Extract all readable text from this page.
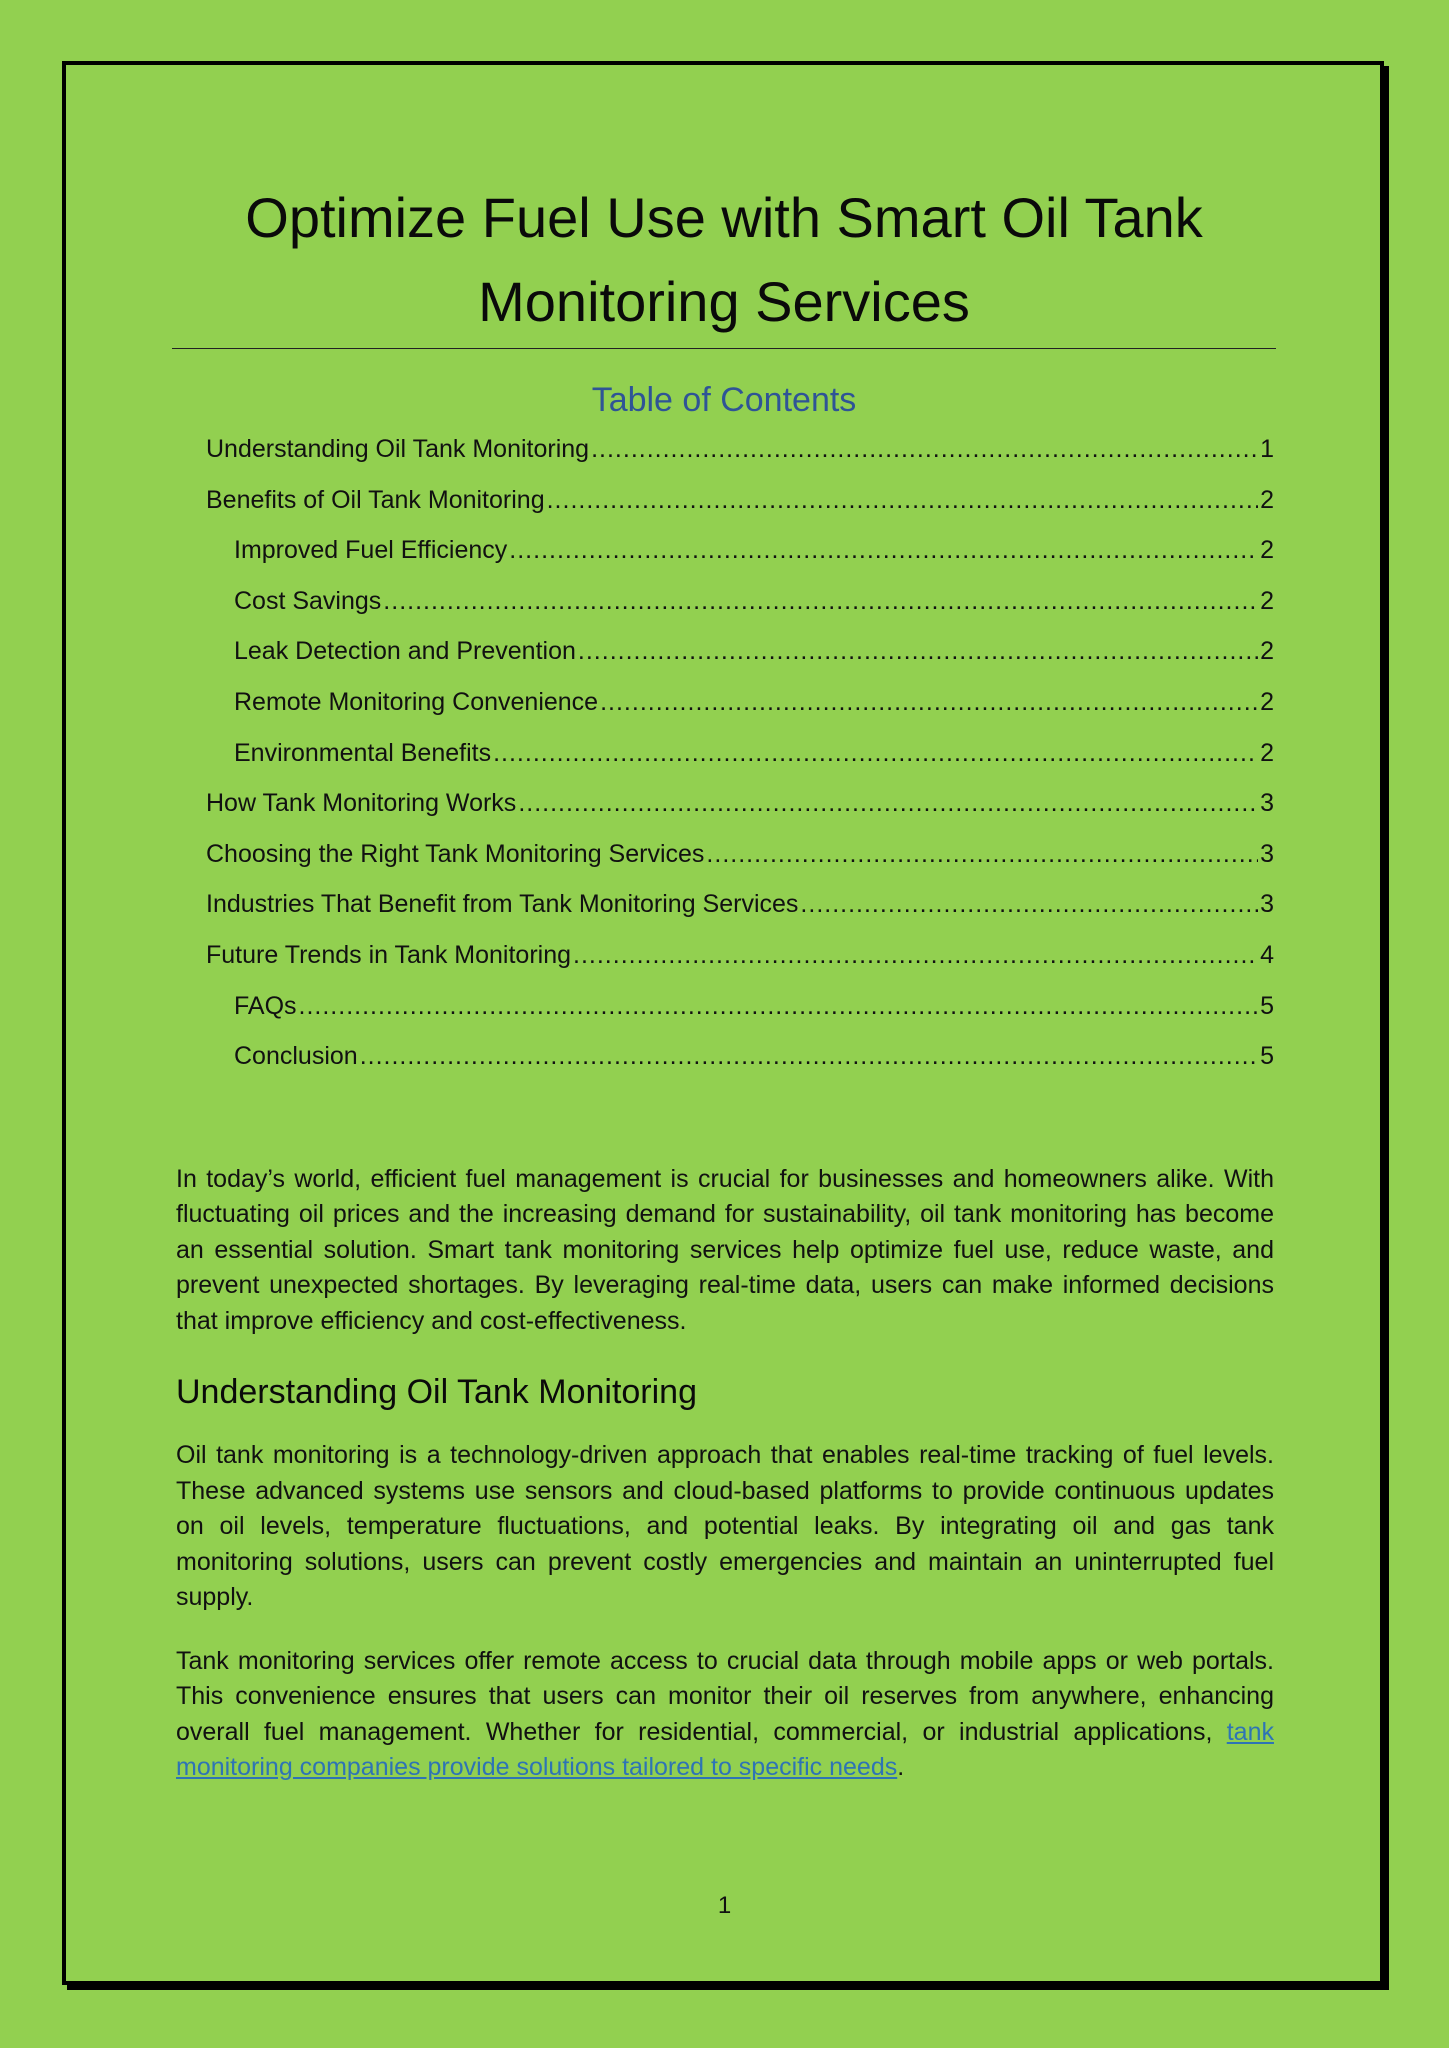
Optimize Fuel Use with Smart Oil Tank
Monitoring Services
Table of Contents
Understanding Oil Tank Monitoring .....	1
Benefits of Oil Tank Monitoring .....	2
Improved Fuel Efficiency .....	2
Cost Savings .....	2
Leak Detection and Prevention .....	2
Remote Monitoring Convenience .....	2
Environmental Benefits .....	2
How Tank Monitoring Works .....	3
Choosing the Right Tank Monitoring Services .....	3
Industries That Benefit from Tank Monitoring Services .....	3
Future Trends in Tank Monitoring .....	4
FAQs .....	5
Conclusion .....	5

In today’s world, efficient fuel management is crucial for businesses and homeowners alike. With fluctuating oil prices and the increasing demand for sustainability, oil tank monitoring has become an essential solution. Smart tank monitoring services help optimize fuel use, reduce waste, and prevent unexpected shortages. By leveraging real-time data, users can make informed decisions that improve efficiency and cost-effectiveness.

Understanding Oil Tank Monitoring

Oil tank monitoring is a technology-driven approach that enables real-time tracking of fuel levels. These advanced systems use sensors and cloud-based platforms to provide continuous updates on oil levels, temperature fluctuations, and potential leaks. By integrating oil and gas tank monitoring solutions, users can prevent costly emergencies and maintain an uninterrupted fuel supply.

Tank monitoring services offer remote access to crucial data through mobile apps or web portals. This convenience ensures that users can monitor their oil reserves from anywhere, enhancing overall fuel management. Whether for residential, commercial, or industrial applications, tank monitoring companies provide solutions tailored to specific needs.

1
